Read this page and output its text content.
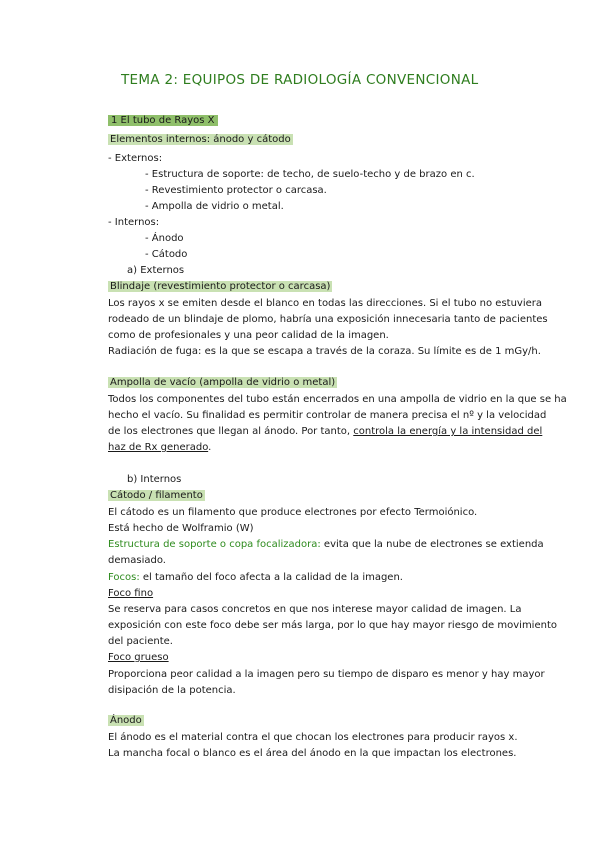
TEMA 2: EQUIPOS DE RADIOLOGÍA CONVENCIONAL
1 El tubo de Rayos X
Elementos internos: ánodo y cátodo
- Externos:
- Estructura de soporte: de techo, de suelo-techo y de brazo en c.
- Revestimiento protector o carcasa.
- Ampolla de vidrio o metal.
- Internos:
- Ánodo
- Cátodo
a) Externos
Blindaje (revestimiento protector o carcasa)
Los rayos x se emiten desde el blanco en todas las direcciones. Si el tubo no estuviera
rodeado de un blindaje de plomo, habría una exposición innecesaria tanto de pacientes
como de profesionales y una peor calidad de la imagen.
Radiación de fuga: es la que se escapa a través de la coraza. Su límite es de 1 mGy/h.
Ampolla de vacío (ampolla de vidrio o metal)
Todos los componentes del tubo están encerrados en una ampolla de vidrio en la que se ha
hecho el vacío. Su finalidad es permitir controlar de manera precisa el nº y la velocidad
de los electrones que llegan al ánodo. Por tanto, controla la energía y la intensidad del
haz de Rx generado.
b) Internos
Cátodo / filamento
El cátodo es un filamento que produce electrones por efecto Termoiónico.
Está hecho de Wolframio (W)
Estructura de soporte o copa focalizadora: evita que la nube de electrones se extienda
demasiado.
Focos: el tamaño del foco afecta a la calidad de la imagen.
Foco fino
Se reserva para casos concretos en que nos interese mayor calidad de imagen. La
exposición con este foco debe ser más larga, por lo que hay mayor riesgo de movimiento
del paciente.
Foco grueso
Proporciona peor calidad a la imagen pero su tiempo de disparo es menor y hay mayor
disipación de la potencia.
Ánodo
El ánodo es el material contra el que chocan los electrones para producir rayos x.
La mancha focal o blanco es el área del ánodo en la que impactan los electrones.
